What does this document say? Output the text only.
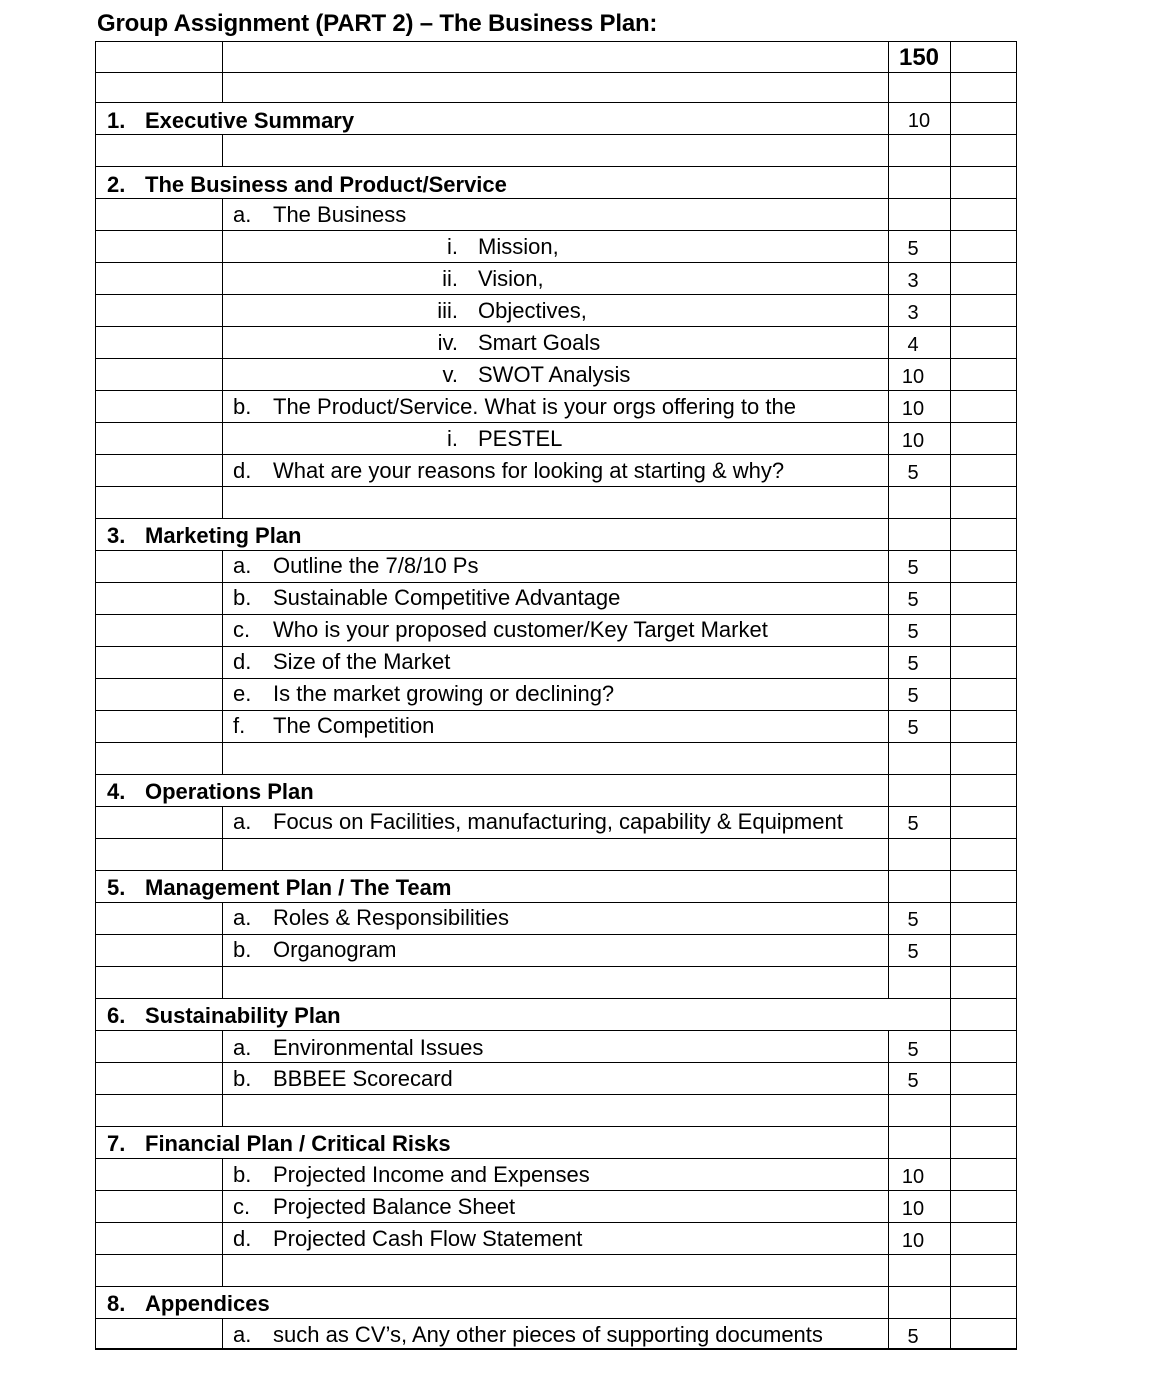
Group Assignment (PART 2) – The Business Plan:
150
1. Executive Summary	10
2. The Business and Product/Service
a. The Business
i. Mission,	5
ii. Vision,	3
iii. Objectives,	3
iv. Smart Goals	4
v. SWOT Analysis	10
b. The Product/Service. What is your orgs offering to the	10
i. PESTEL	10
d. What are your reasons for looking at starting & why?	5
3. Marketing Plan
a. Outline the 7/8/10 Ps	5
b. Sustainable Competitive Advantage	5
c. Who is your proposed customer/Key Target Market	5
d. Size of the Market	5
e. Is the market growing or declining?	5
f. The Competition	5
4. Operations Plan
a. Focus on Facilities, manufacturing, capability & Equipment	5
5. Management Plan / The Team
a. Roles & Responsibilities	5
b. Organogram	5
6. Sustainability Plan
a. Environmental Issues	5
b. BBBEE Scorecard	5
7. Financial Plan / Critical Risks
b. Projected Income and Expenses	10
c. Projected Balance Sheet	10
d. Projected Cash Flow Statement	10
8. Appendices
a. such as CV’s, Any other pieces of supporting documents	5
